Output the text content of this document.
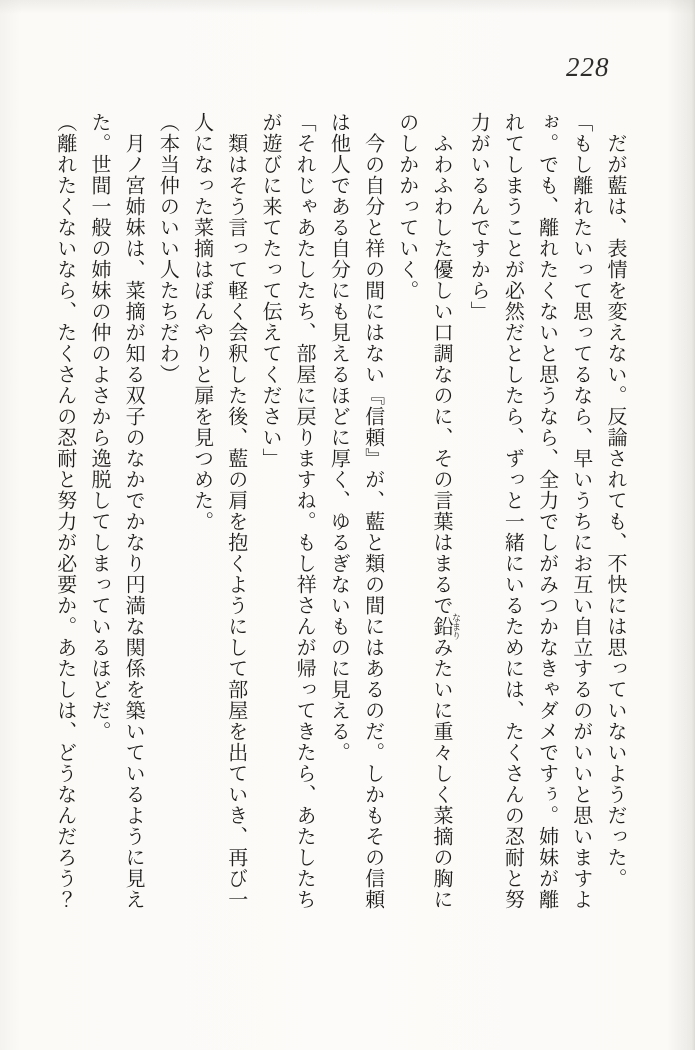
228

だが藍は、表情を変えない。反論されても、不快には思っていないようだった。

「もし離れたいって思ってるなら、早いうちにお互い自立するのがいいと思いますよ

ぉ。でも、離れたくないと思うなら、全力でしがみつかなきゃダメですぅ。姉妹が離

れてしまうことが必然だとしたら、ずっと一緒にいるためには、たくさんの忍耐と努

力がいるんですから」

ふわふわした優しい口調なのに、その言葉はまるで鉛 なまりみたいに重々しく菜摘の胸に

のしかかっていく。

今の自分と祥の間にはない『信頼』が、藍と類の間にはあるのだ。しかもその信頼

は他人である自分にも見えるほどに厚く、ゆるぎないものに見える。

「それじゃあたしたち、部屋に戻りますね。もし祥さんが帰ってきたら、あたしたち

が遊びに来てたって伝えてください」

類はそう言って軽く会釈した後、藍の肩を抱くようにして部屋を出ていき、再び一

人になった菜摘はぼんやりと扉を見つめた。

（本当仲のいい人たちだわ）

月ノ宮姉妹は、菜摘が知る双子のなかでかなり円満な関係を築いているように見え

た。世間一般の姉妹の仲のよさから逸脱してしまっているほどだ。

（離れたくないなら、たくさんの忍耐と努力が必要か。あたしは、どうなんだろう？
